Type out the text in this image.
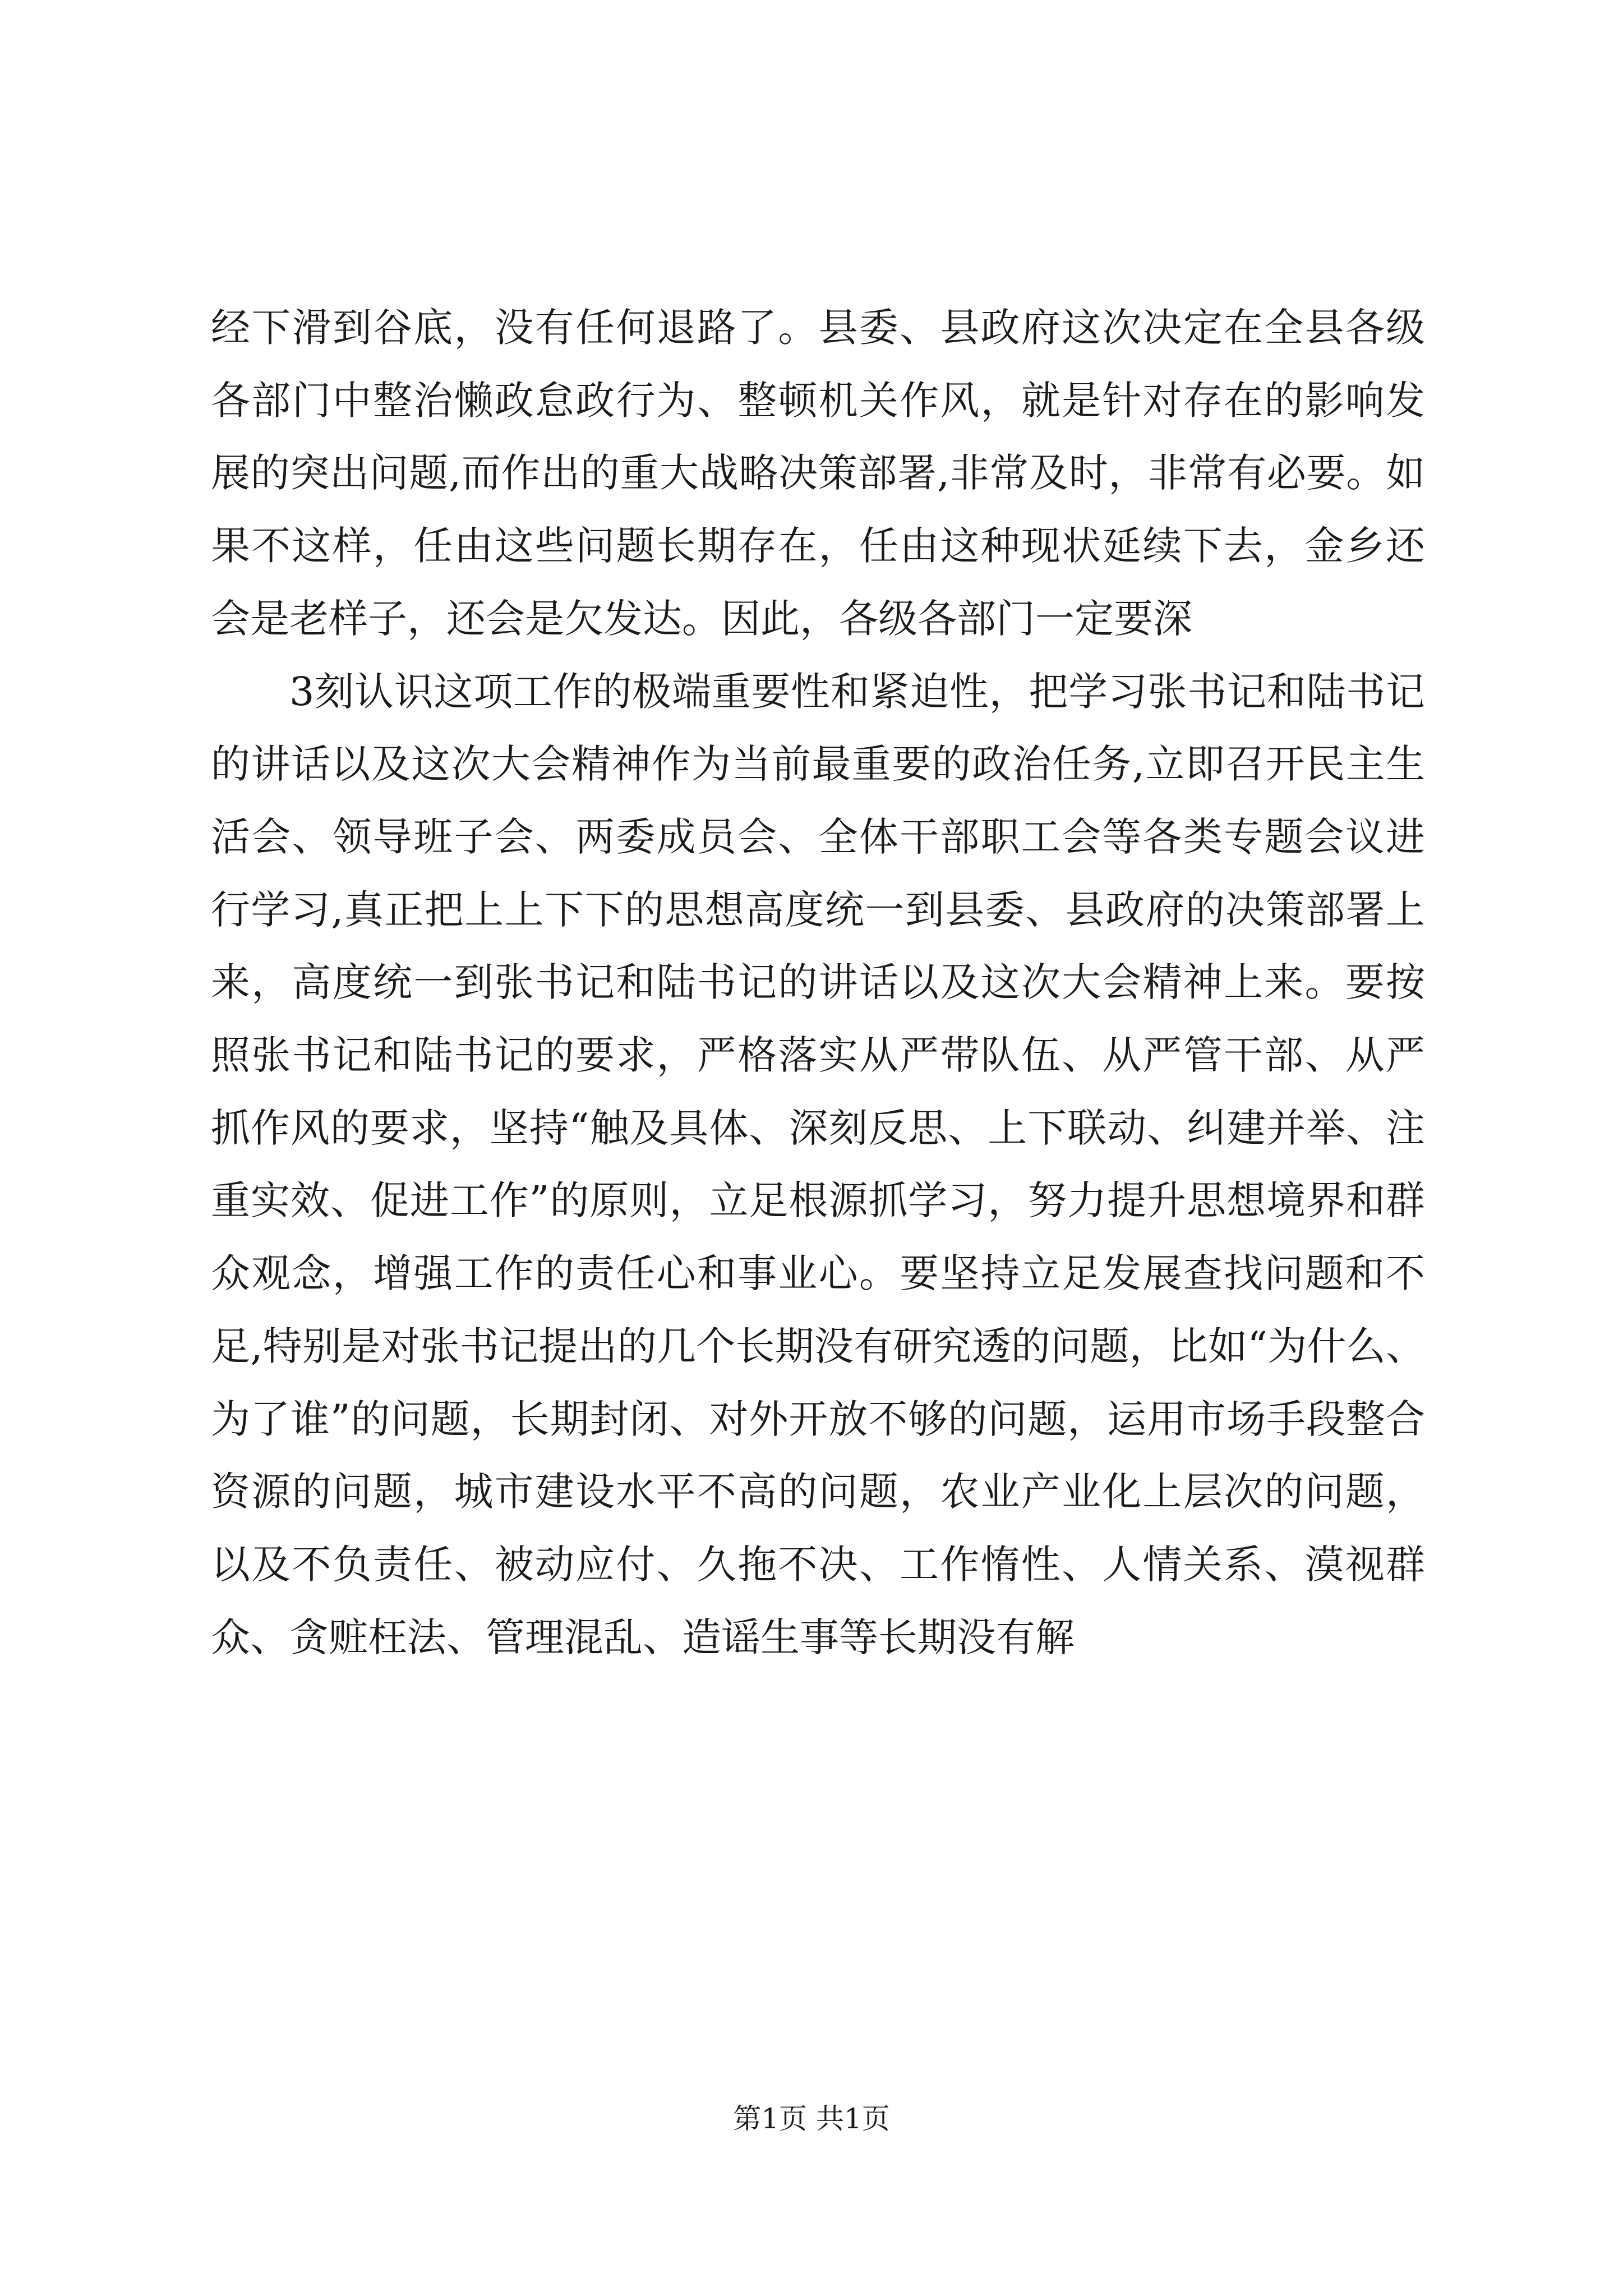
经下滑到谷底，没有任何退路了。县委、县政府这次决定在全县各级各部门中整治懒政怠政行为、整顿机关作风，就是针对存在的影响发展的突出问题,而作出的重大战略决策部署,非常及时，非常有必要。如果不这样，任由这些问题长期存在，任由这种现状延续下去，金乡还会是老样子，还会是欠发达。因此，各级各部门一定要深

3刻认识这项工作的极端重要性和紧迫性，把学习张书记和陆书记的讲话以及这次大会精神作为当前最重要的政治任务,立即召开民主生活会、领导班子会、两委成员会、全体干部职工会等各类专题会议进行学习,真正把上上下下的思想高度统一到县委、县政府的决策部署上来，高度统一到张书记和陆书记的讲话以及这次大会精神上来。要按照张书记和陆书记的要求，严格落实从严带队伍、从严管干部、从严抓作风的要求，坚持“触及具体、深刻反思、上下联动、纠建并举、注重实效、促进工作”的原则，立足根源抓学习，努力提升思想境界和群众观念，增强工作的责任心和事业心。要坚持立足发展查找问题和不足,特别是对张书记提出的几个长期没有研究透的问题，比如“为什么、为了谁”的问题，长期封闭、对外开放不够的问题，运用市场手段整合资源的问题，城市建设水平不高的问题，农业产业化上层次的问题，以及不负责任、被动应付、久拖不决、工作惰性、人情关系、漠视群众、贪赃枉法、管理混乱、造谣生事等长期没有解

第1页 共1页
